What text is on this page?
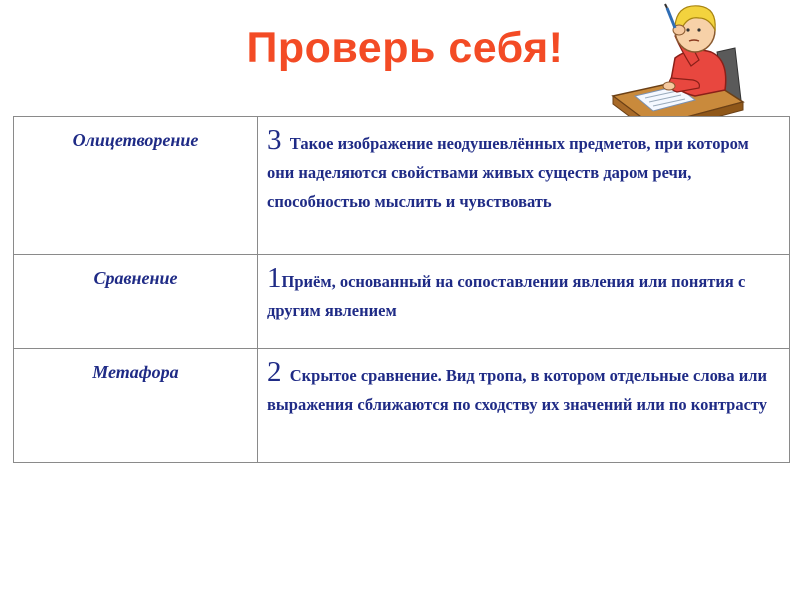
Проверь себя!
Олицетворение	3 Такое изображение неодушевлённых предметов, при котором они наделяются свойствами живых существ даром речи, способностью мыслить и чувствовать
Сравнение	1Приём, основанный на сопоставлении явления или понятия с другим явлением
Метафора	2 Скрытое сравнение. Вид тропа, в котором отдельные слова или выражения сближаются по сходству их значений или по контрасту
